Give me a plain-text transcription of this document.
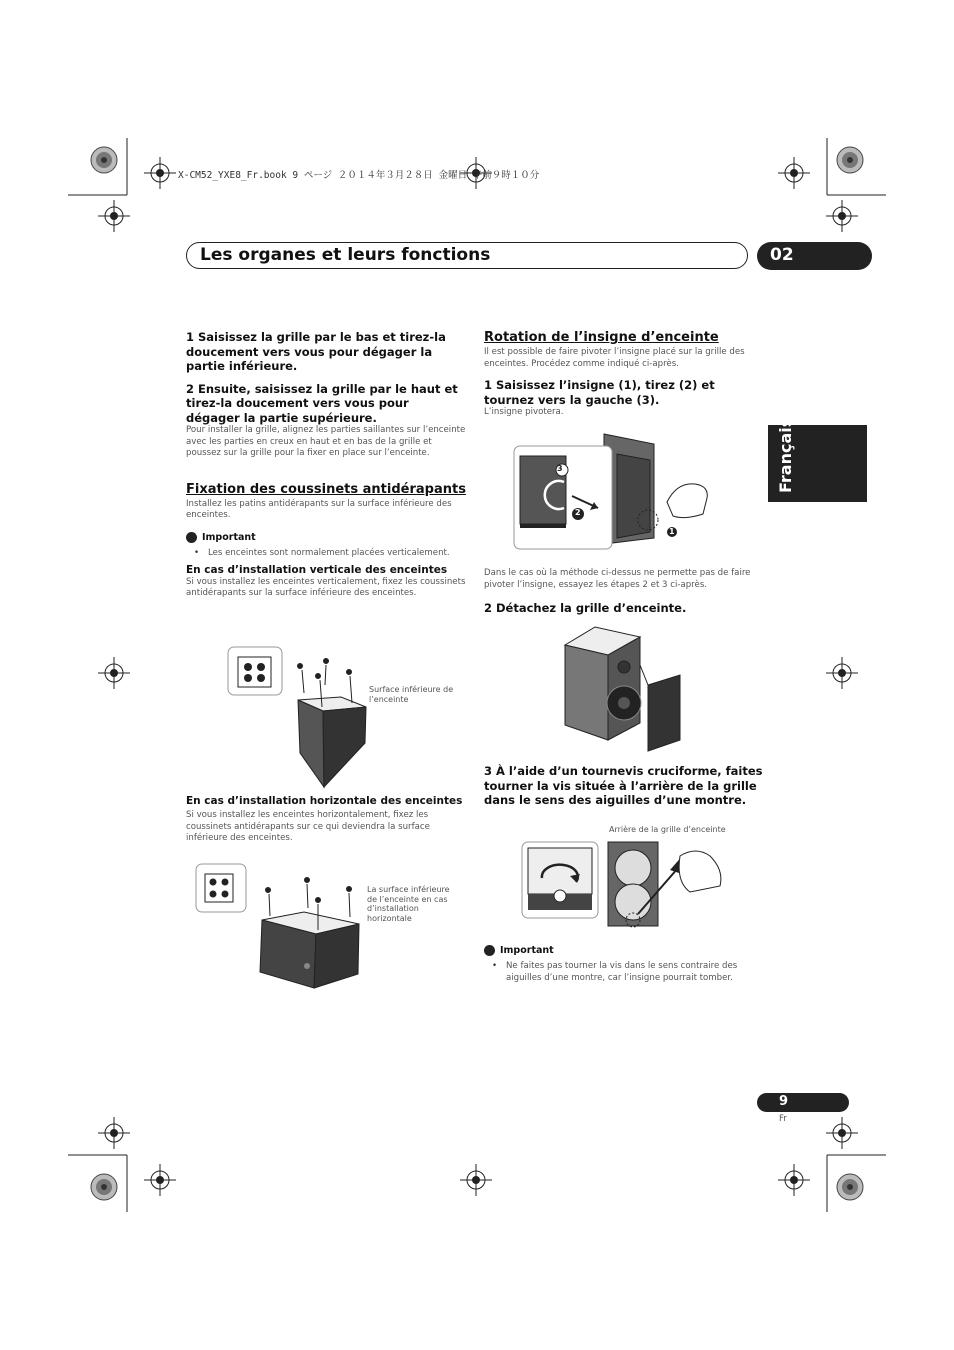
X-CM52_YXE8_Fr.book 9 ページ ２０１４年３月２８日 金曜日 午前９時１０分
Les organes et leurs fonctions	02
Français

1 Saisissez la grille par le bas et tirez-la doucement vers vous pour dégager la partie inférieure.

2 Ensuite, saisissez la grille par le haut et tirez-la doucement vers vous pour dégager la partie supérieure.

Pour installer la grille, alignez les parties saillantes sur l’enceinte avec les parties en creux en haut et en bas de la grille et poussez sur la grille pour la fixer en place sur l’enceinte.

Fixation des coussinets antidérapants

Installez les patins antidérapants sur la surface inférieure des enceintes.

Important

• Les enceintes sont normalement placées verticalement.

En cas d’installation verticale des enceintes

Si vous installez les enceintes verticalement, fixez les coussinets antidérapants sur la surface inférieure des enceintes.

Surface inférieure de l’enceinte

En cas d’installation horizontale des enceintes

Si vous installez les enceintes horizontalement, fixez les coussinets antidérapants sur ce qui deviendra la surface inférieure des enceintes.

La surface inférieure de l’enceinte en cas d’installation horizontale

Rotation de l’insigne d’enceinte

Il est possible de faire pivoter l’insigne placé sur la grille des enceintes. Procédez comme indiqué ci-après.

1 Saisissez l’insigne (1), tirez (2) et tournez vers la gauche (3).

L’insigne pivotera.

3
2
1

Dans le cas où la méthode ci-dessus ne permette pas de faire pivoter l’insigne, essayez les étapes 2 et 3 ci-après.

2 Détachez la grille d’enceinte.

3 À l’aide d’un tournevis cruciforme, faites tourner la vis située à l’arrière de la grille dans le sens des aiguilles d’une montre.

Arrière de la grille d’enceinte
Important

• Ne faites pas tourner la vis dans le sens contraire des aiguilles d’une montre, car l’insigne pourrait tomber.

9
Fr
